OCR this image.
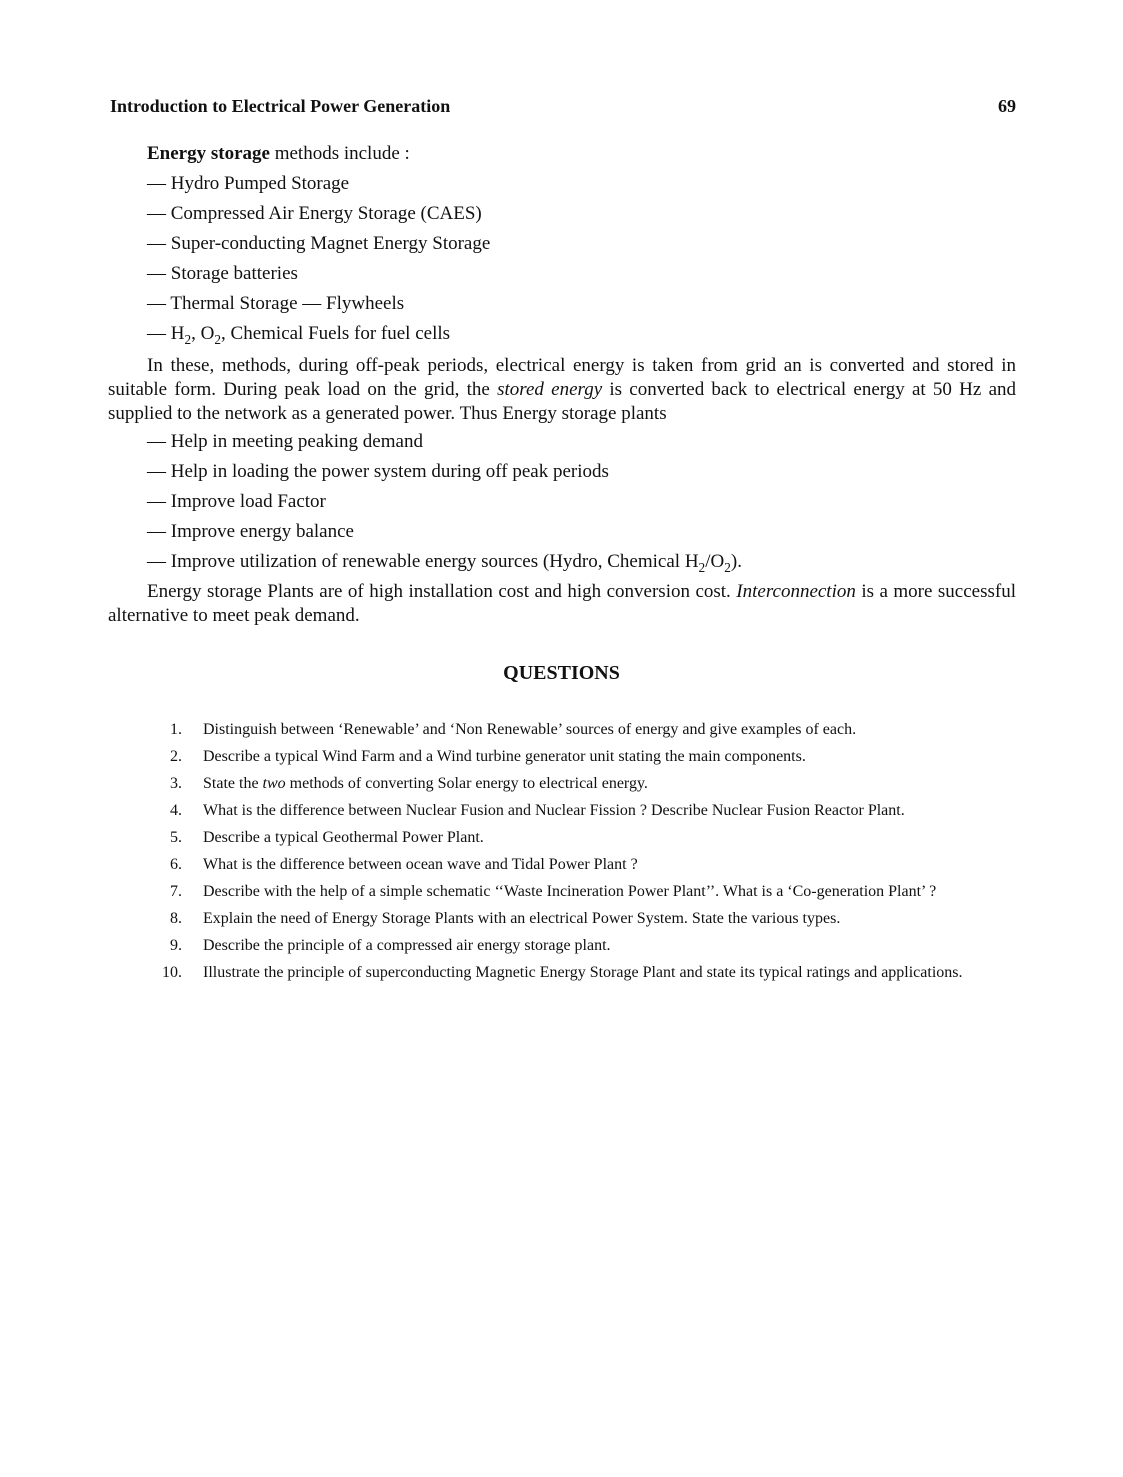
Introduction to Electrical Power Generation	69
Energy storage methods include :
— Hydro Pumped Storage
— Compressed Air Energy Storage (CAES)
— Super-conducting Magnet Energy Storage
— Storage batteries
— Thermal Storage — Flywheels
— $H_2$, $O_2$, Chemical Fuels for fuel cells

In these, methods, during off-peak periods, electrical energy is taken from grid an is converted and stored in suitable form. During peak load on the grid, the stored energy is converted back to electrical energy at 50 Hz and supplied to the network as a generated power. Thus Energy storage plants

— Help in meeting peaking demand
— Help in loading the power system during off peak periods
— Improve load Factor
— Improve energy balance
— Improve utilization of renewable energy sources (Hydro, Chemical $H_2/O_2$).

Energy storage Plants are of high installation cost and high conversion cost. Interconnection is a more successful alternative to meet peak demand.

QUESTIONS
1. Distinguish between ‘Renewable’ and ‘Non Renewable’ sources of energy and give examples of each.
2. Describe a typical Wind Farm and a Wind turbine generator unit stating the main components.
3. State the two methods of converting Solar energy to electrical energy.
4. What is the difference between Nuclear Fusion and Nuclear Fission ? Describe Nuclear Fusion Reactor Plant.
5. Describe a typical Geothermal Power Plant.
6. What is the difference between ocean wave and Tidal Power Plant ?
7. Describe with the help of a simple schematic ‘‘Waste Incineration Power Plant’’. What is a ‘Co-generation Plant’ ?
8. Explain the need of Energy Storage Plants with an electrical Power System. State the various types.
9. Describe the principle of a compressed air energy storage plant.
10. Illustrate the principle of superconducting Magnetic Energy Storage Plant and state its typical ratings and applications.
